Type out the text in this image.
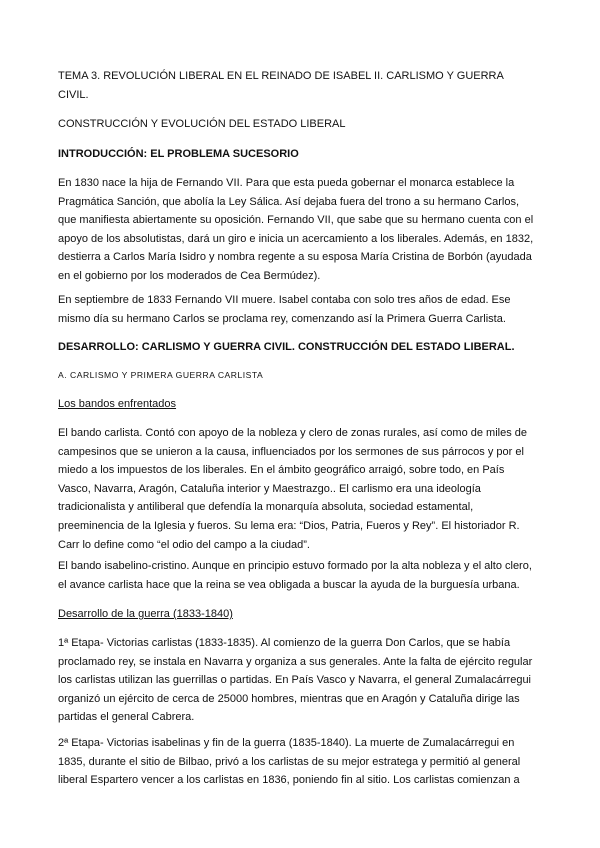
TEMA 3. REVOLUCIÓN LIBERAL EN EL REINADO DE ISABEL II. CARLISMO Y GUERRA
CIVIL.
CONSTRUCCIÓN Y EVOLUCIÓN DEL ESTADO LIBERAL
INTRODUCCIÓN: EL PROBLEMA SUCESORIO
En 1830 nace la hija de Fernando VII. Para que esta pueda gobernar el monarca establece la
Pragmática Sanción, que abolía la Ley Sálica. Así dejaba fuera del trono a su hermano Carlos,
que manifiesta abiertamente su oposición. Fernando VII, que sabe que su hermano cuenta con el
apoyo de los absolutistas, dará un giro e inicia un acercamiento a los liberales. Además, en 1832,
destierra a Carlos María Isidro y nombra regente a su esposa María Cristina de Borbón (ayudada
en el gobierno por los moderados de Cea Bermúdez).
En septiembre de 1833 Fernando VII muere. Isabel contaba con solo tres años de edad. Ese
mismo día su hermano Carlos se proclama rey, comenzando así la Primera Guerra Carlista.
DESARROLLO: CARLISMO Y GUERRA CIVIL. CONSTRUCCIÓN DEL ESTADO LIBERAL.
A. CARLISMO Y PRIMERA GUERRA CARLISTA
Los bandos enfrentados
El bando carlista. Contó con apoyo de la nobleza y clero de zonas rurales, así como de miles de
campesinos que se unieron a la causa, influenciados por los sermones de sus párrocos y por el
miedo a los impuestos de los liberales. En el ámbito geográfico arraigó, sobre todo, en País
Vasco, Navarra, Aragón, Cataluña interior y Maestrazgo.. El carlismo era una ideología
tradicionalista y antiliberal que defendía la monarquía absoluta, sociedad estamental,
preeminencia de la Iglesia y fueros. Su lema era: “Dios, Patria, Fueros y Rey”. El historiador R.
Carr lo define como “el odio del campo a la ciudad”.
El bando isabelino-cristino. Aunque en principio estuvo formado por la alta nobleza y el alto clero,
el avance carlista hace que la reina se vea obligada a buscar la ayuda de la burguesía urbana.
Desarrollo de la guerra (1833-1840)
1ª Etapa- Victorias carlistas (1833-1835). Al comienzo de la guerra Don Carlos, que se había
proclamado rey, se instala en Navarra y organiza a sus generales. Ante la falta de ejército regular
los carlistas utilizan las guerrillas o partidas. En País Vasco y Navarra, el general Zumalacárregui
organizó un ejército de cerca de 25000 hombres, mientras que en Aragón y Cataluña dirige las
partidas el general Cabrera.
2ª Etapa- Victorias isabelinas y fin de la guerra (1835-1840). La muerte de Zumalacárregui en
1835, durante el sitio de Bilbao, privó a los carlistas de su mejor estratega y permitió al general
liberal Espartero vencer a los carlistas en 1836, poniendo fin al sitio. Los carlistas comienzan a
